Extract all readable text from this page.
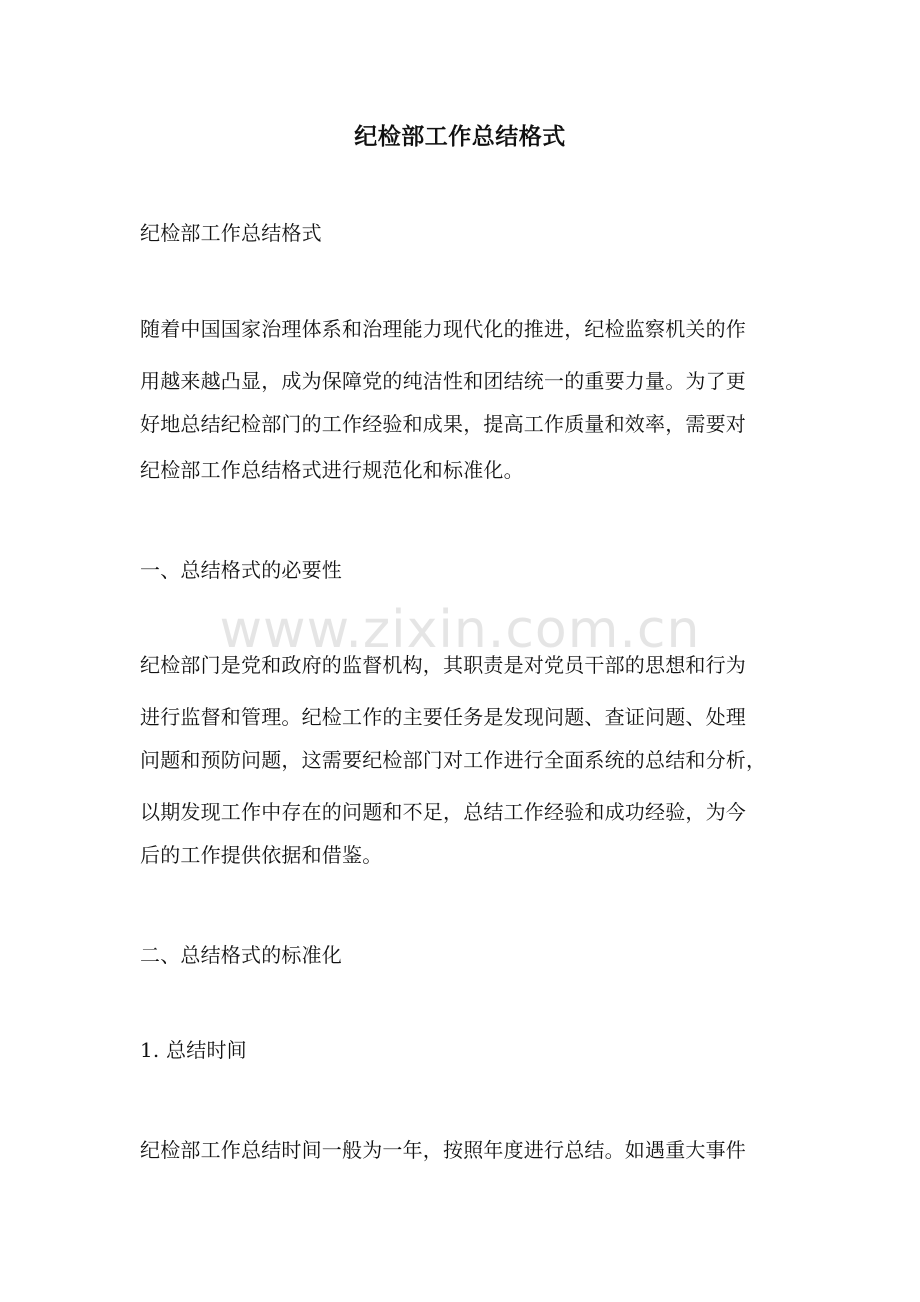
www.zixin.com.cn
纪检部工作总结格式
纪检部工作总结格式
随着中国国家治理体系和治理能力现代化的推进，纪检监察机关的作
用越来越凸显，成为保障党的纯洁性和团结统一的重要力量。为了更
好地总结纪检部门的工作经验和成果，提高工作质量和效率，需要对
纪检部工作总结格式进行规范化和标准化。
一、总结格式的必要性
纪检部门是党和政府的监督机构，其职责是对党员干部的思想和行为
进行监督和管理。纪检工作的主要任务是发现问题、查证问题、处理
问题和预防问题，这需要纪检部门对工作进行全面系统的总结和分析，
以期发现工作中存在的问题和不足，总结工作经验和成功经验，为今
后的工作提供依据和借鉴。
二、总结格式的标准化
1. 总结时间
纪检部工作总结时间一般为一年，按照年度进行总结。如遇重大事件
